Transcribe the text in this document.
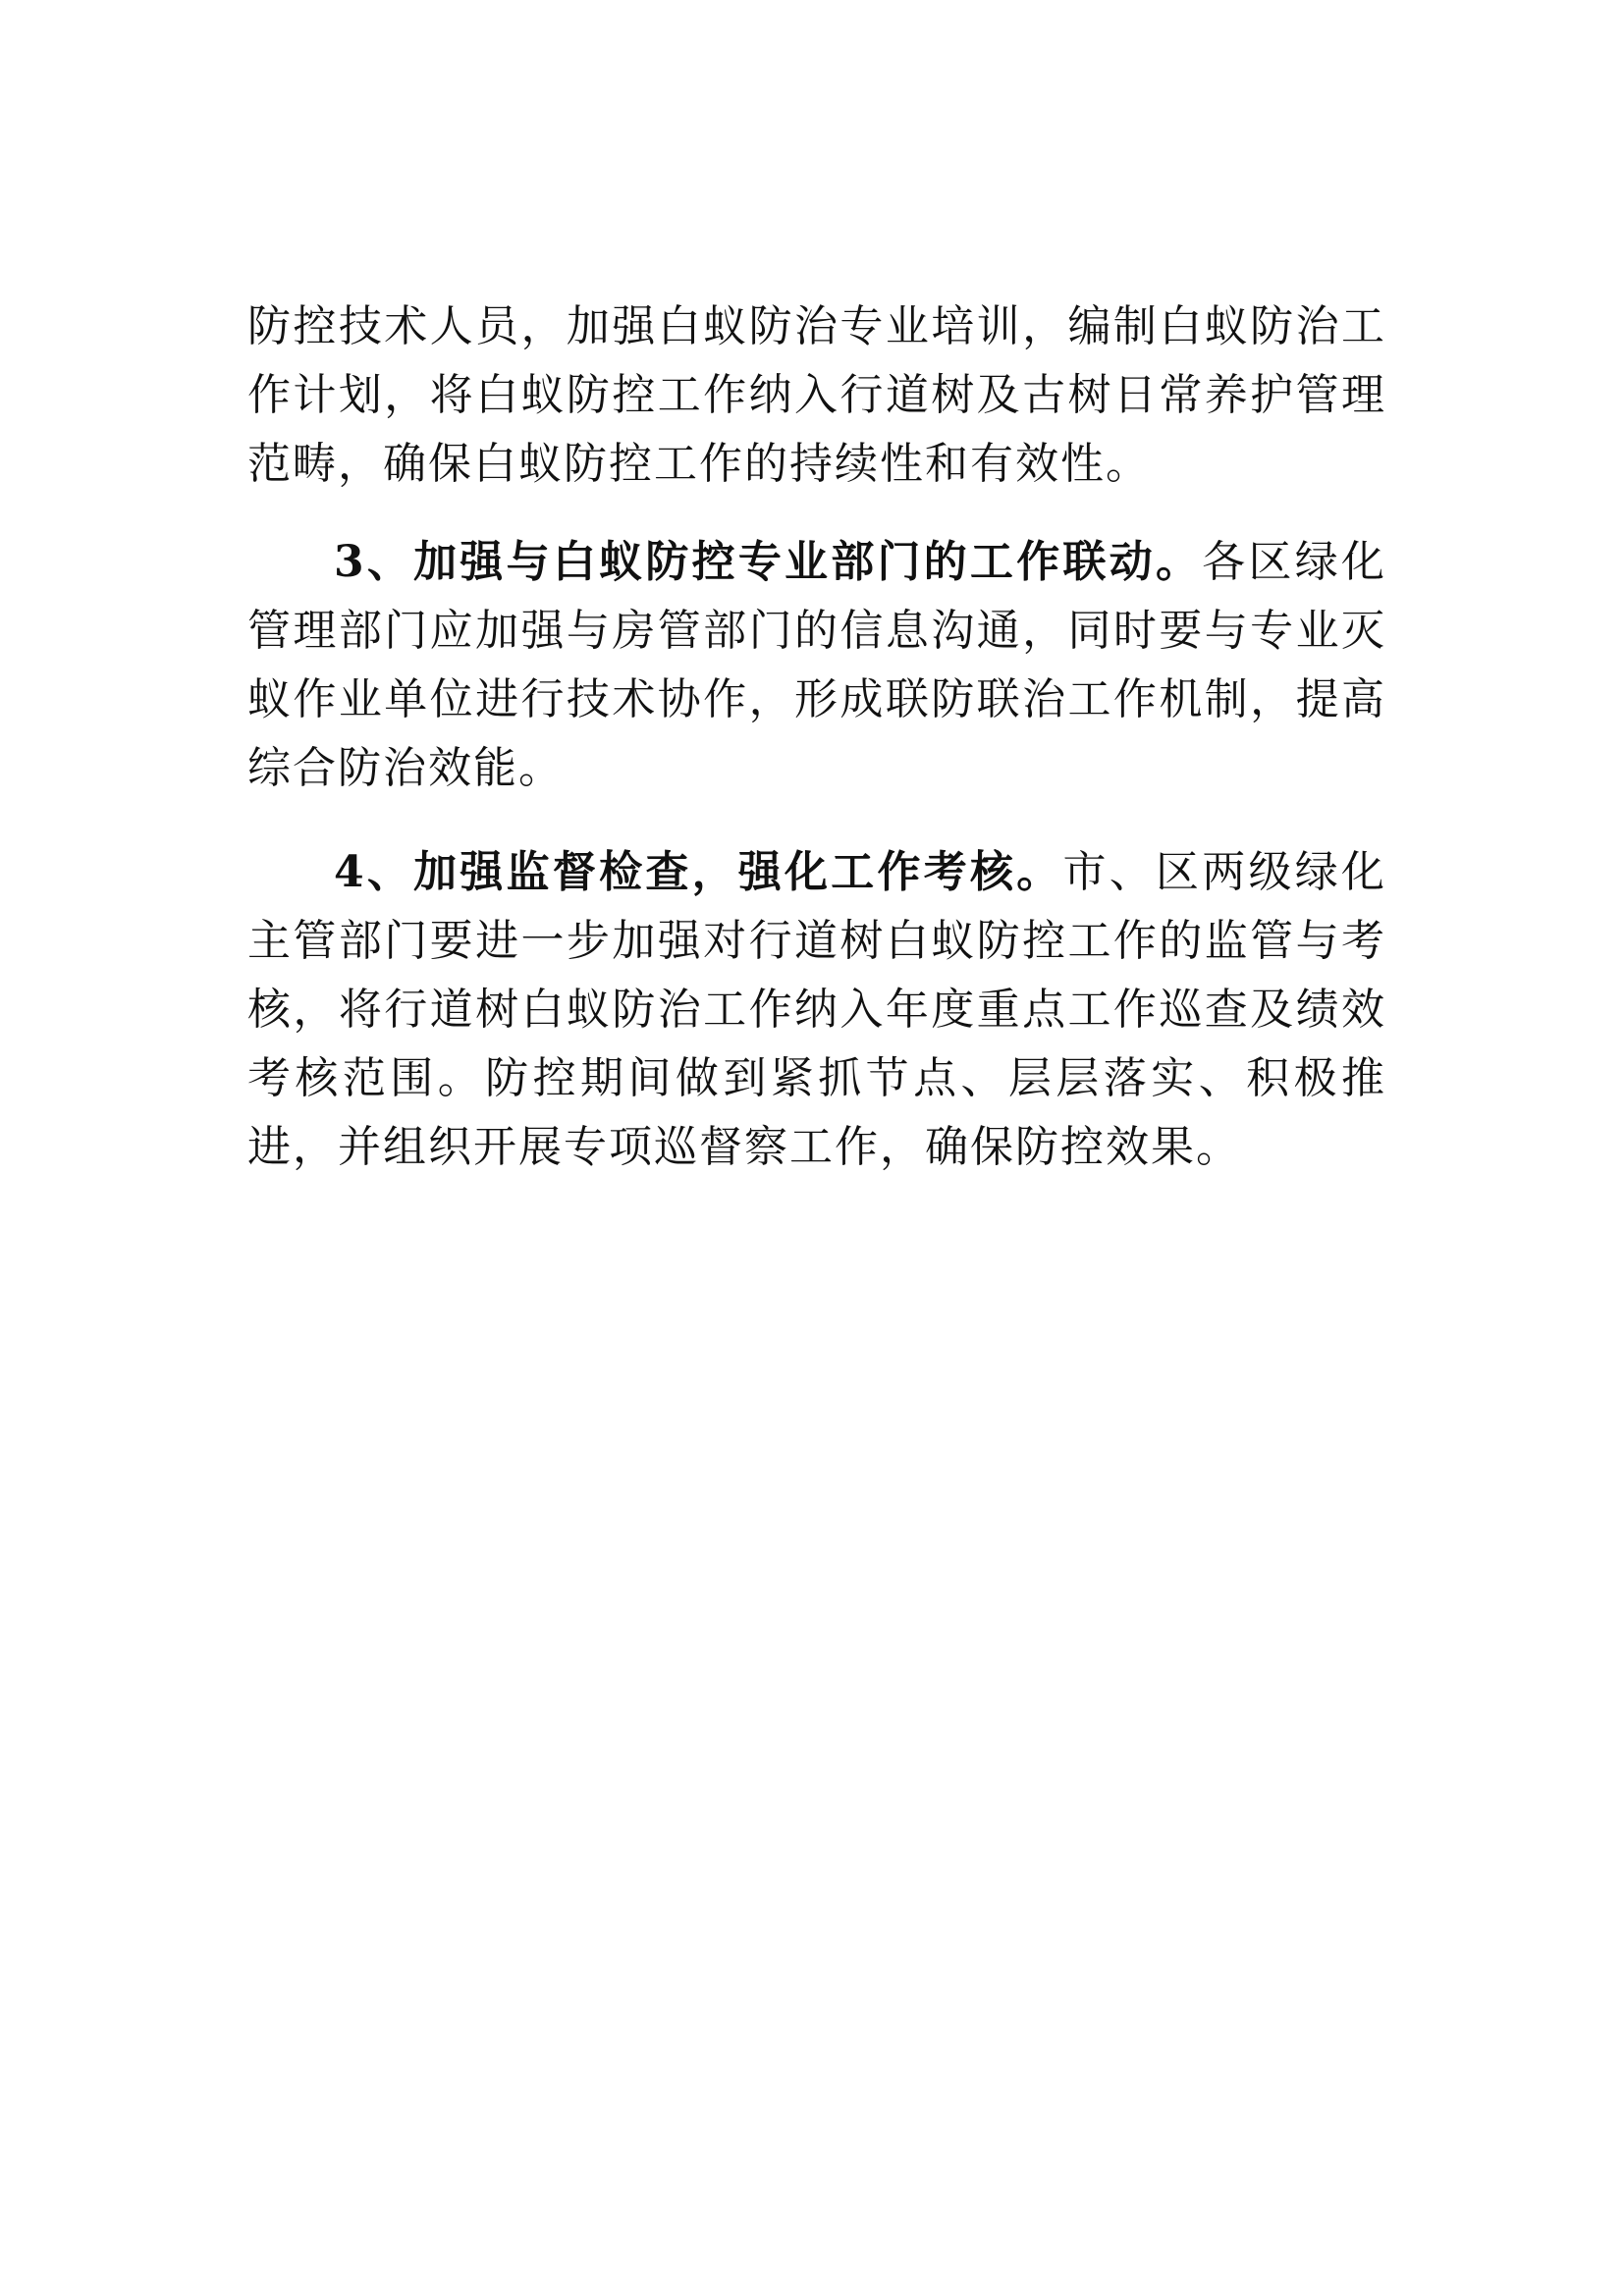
防控技术人员，加强白蚁防治专业培训，编制白蚁防治工作计划，将白蚁防控工作纳入行道树及古树日常养护管理范畴，确保白蚁防控工作的持续性和有效性。

3、加强与白蚁防控专业部门的工作联动。各区绿化管理部门应加强与房管部门的信息沟通，同时要与专业灭蚁作业单位进行技术协作，形成联防联治工作机制，提高综合防治效能。

4、加强监督检查，强化工作考核。市、区两级绿化主管部门要进一步加强对行道树白蚁防控工作的监管与考核，将行道树白蚁防治工作纳入年度重点工作巡查及绩效考核范围。防控期间做到紧抓节点、层层落实、积极推进，并组织开展专项巡督察工作，确保防控效果。
